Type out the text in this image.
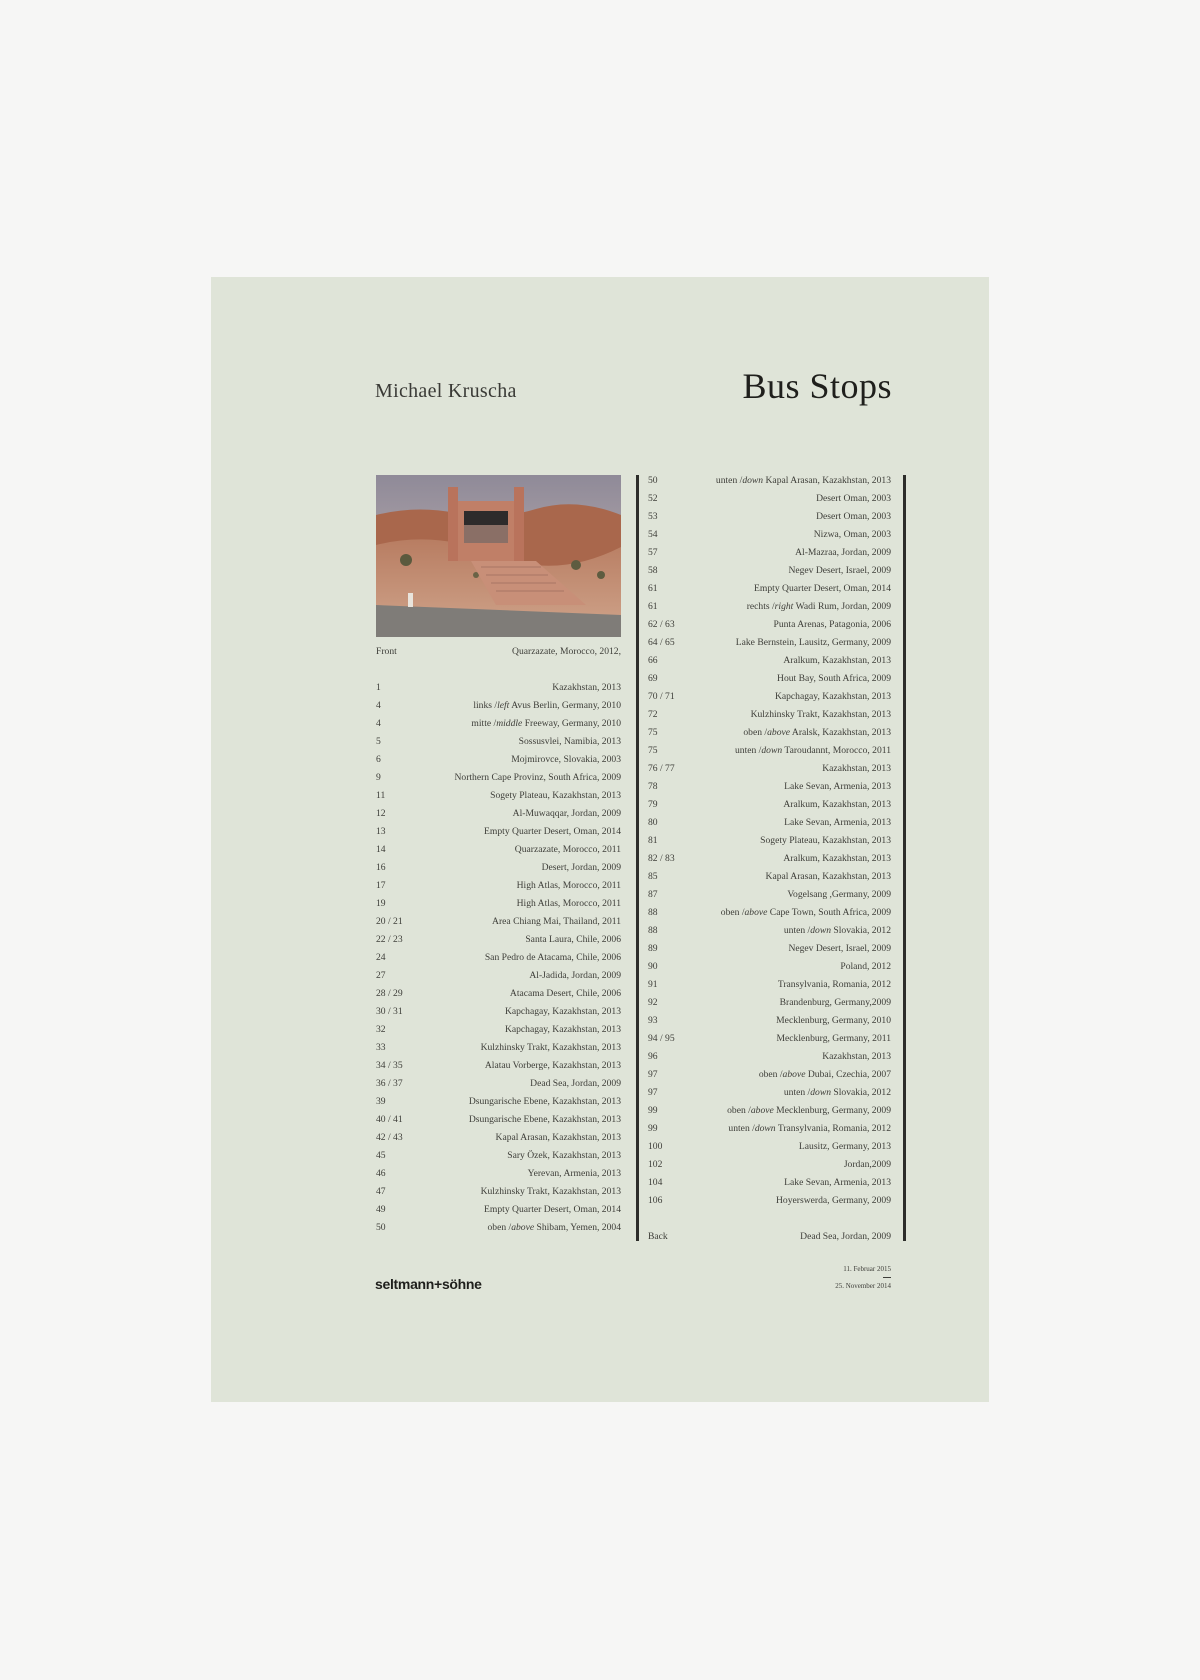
Michael Kruscha	Bus Stops
Front	Quarzazate, Morocco, 2012,
1	Kazakhstan, 2013
4	links /left Avus Berlin, Germany, 2010
4	mitte /middle Freeway, Germany, 2010
5	Sossusvlei, Namibia, 2013
6	Mojmirovce, Slovakia, 2003
9	Northern Cape Provinz, South Africa, 2009
11	Sogety Plateau, Kazakhstan, 2013
12	Al-Muwaqqar, Jordan, 2009
13	Empty Quarter Desert, Oman, 2014
14	Quarzazate, Morocco, 2011
16	Desert, Jordan, 2009
17	High Atlas, Morocco, 2011
19	High Atlas, Morocco, 2011
20 / 21	Area Chiang Mai, Thailand, 2011
22 / 23	Santa Laura, Chile, 2006
24	San Pedro de Atacama, Chile, 2006
27	Al-Jadida, Jordan, 2009
28 / 29	Atacama Desert, Chile, 2006
30 / 31	Kapchagay, Kazakhstan, 2013
32	Kapchagay, Kazakhstan, 2013
33	Kulzhinsky Trakt, Kazakhstan, 2013
34 / 35	Alatau Vorberge, Kazakhstan, 2013
36 / 37	Dead Sea, Jordan, 2009
39	Dsungarische Ebene, Kazakhstan, 2013
40 / 41	Dsungarische Ebene, Kazakhstan, 2013
42 / 43	Kapal Arasan, Kazakhstan, 2013
45	Sary Özek, Kazakhstan, 2013
46	Yerevan, Armenia, 2013
47	Kulzhinsky Trakt, Kazakhstan, 2013
49	Empty Quarter Desert, Oman, 2014
50	oben /above Shibam, Yemen, 2004
50	unten /down Kapal Arasan, Kazakhstan, 2013
52	Desert Oman, 2003
53	Desert Oman, 2003
54	Nizwa, Oman, 2003
57	Al-Mazraa, Jordan, 2009
58	Negev Desert, Israel, 2009
61	Empty Quarter Desert, Oman, 2014
61	rechts /right Wadi Rum, Jordan, 2009
62 / 63	Punta Arenas, Patagonia, 2006
64 / 65	Lake Bernstein, Lausitz, Germany, 2009
66	Aralkum, Kazakhstan, 2013
69	Hout Bay, South Africa, 2009
70 / 71	Kapchagay, Kazakhstan, 2013
72	Kulzhinsky Trakt, Kazakhstan, 2013
75	oben /above Aralsk, Kazakhstan, 2013
75	unten /down Taroudannt, Morocco, 2011
76 / 77	Kazakhstan, 2013
78	Lake Sevan, Armenia, 2013
79	Aralkum, Kazakhstan, 2013
80	Lake Sevan, Armenia, 2013
81	Sogety Plateau, Kazakhstan, 2013
82 / 83	Aralkum, Kazakhstan, 2013
85	Kapal Arasan, Kazakhstan, 2013
87	Vogelsang ,Germany, 2009
88	oben /above Cape Town, South Africa, 2009
88	unten /down Slovakia, 2012
89	Negev Desert, Israel, 2009
90	Poland, 2012
91	Transylvania, Romania, 2012
92	Brandenburg, Germany,2009
93	Mecklenburg, Germany, 2010
94 / 95	Mecklenburg, Germany, 2011
96	Kazakhstan, 2013
97	oben /above Dubai, Czechia, 2007
97	unten /down Slovakia, 2012
99	oben /above Mecklenburg, Germany, 2009
99	unten /down Transylvania, Romania, 2012
100	Lausitz, Germany, 2013
102	Jordan,2009
104	Lake Sevan, Armenia, 2013
106	Hoyerswerda, Germany, 2009
Back	Dead Sea, Jordan, 2009
seltmann+söhne
11. Februar 2015
25. November 2014
